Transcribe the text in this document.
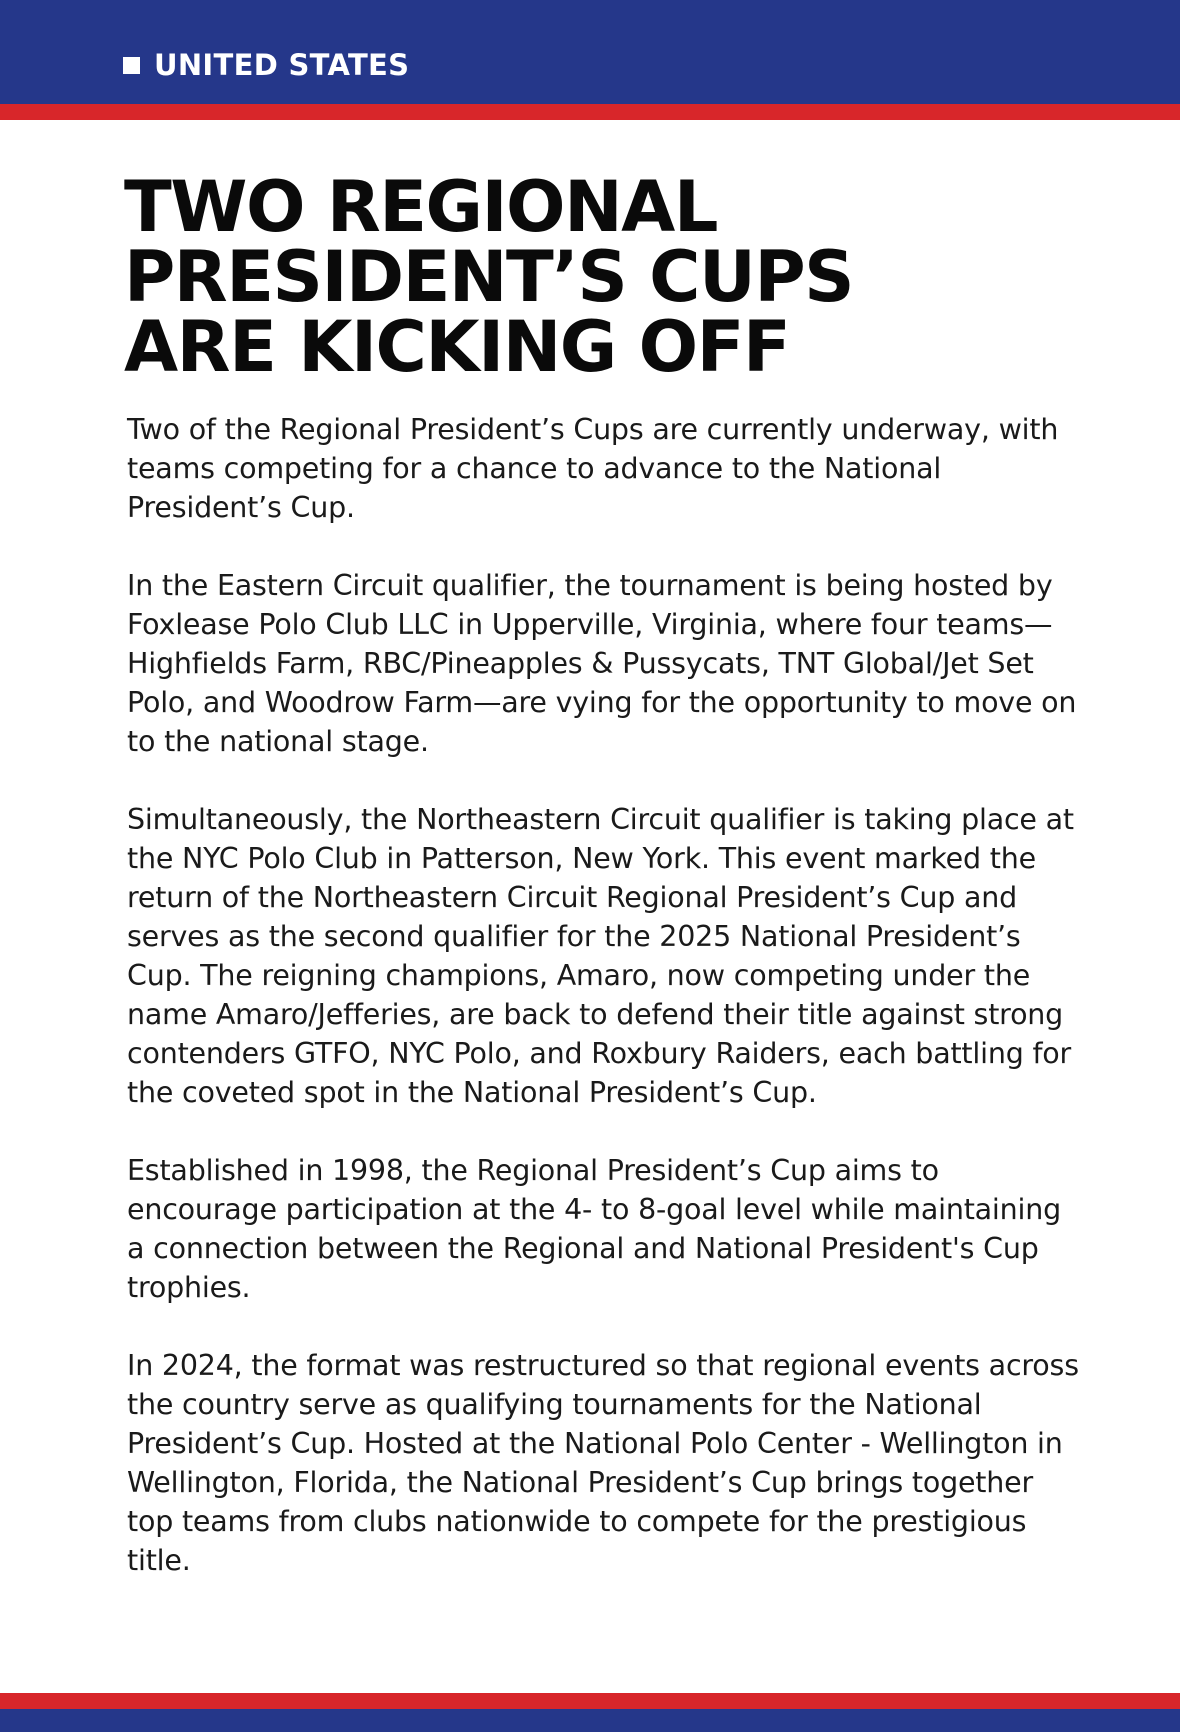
UNITED STATES
TWO REGIONAL
PRESIDENT’S CUPS
ARE KICKING OFF

Two of the Regional President’s Cups are currently underway, with teams competing for a chance to advance to the National President’s Cup.

In the Eastern Circuit qualifier, the tournament is being hosted by Foxlease Polo Club LLC in Upperville, Virginia, where four teams—Highfields Farm, RBC/Pineapples & Pussycats, TNT Global/Jet Set Polo, and Woodrow Farm—are vying for the opportunity to move on to the national stage.

Simultaneously, the Northeastern Circuit qualifier is taking place at the NYC Polo Club in Patterson, New York. This event marked the return of the Northeastern Circuit Regional President’s Cup and serves as the second qualifier for the 2025 National President’s Cup. The reigning champions, Amaro, now competing under the name Amaro/Jefferies, are back to defend their title against strong contenders GTFO, NYC Polo, and Roxbury Raiders, each battling for the coveted spot in the National President’s Cup.

Established in 1998, the Regional President’s Cup aims to encourage participation at the 4- to 8-goal level while maintaining a connection between the Regional and National President's Cup trophies.

In 2024, the format was restructured so that regional events across the country serve as qualifying tournaments for the National President’s Cup. Hosted at the National Polo Center - Wellington in Wellington, Florida, the National President’s Cup brings together top teams from clubs nationwide to compete for the prestigious title.
